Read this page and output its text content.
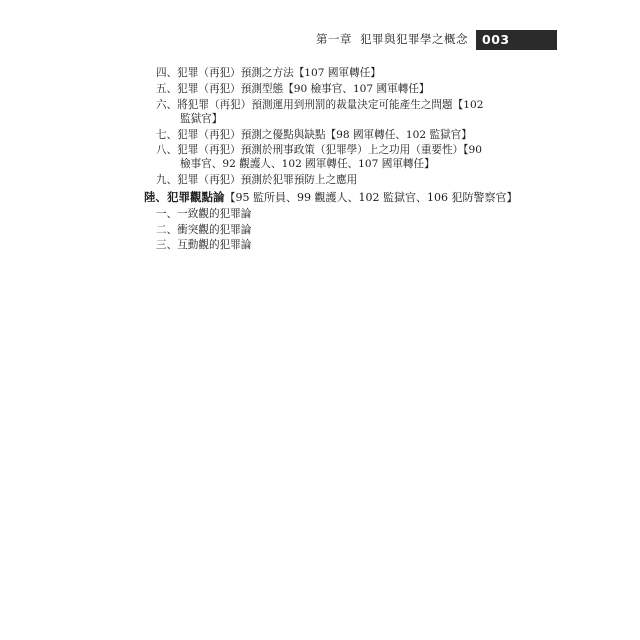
第一章 犯罪與犯罪學之概念	003
四、犯罪（再犯）預測之方法【107 國軍轉任】
五、犯罪（再犯）預測型態【90 檢事官、107 國軍轉任】
六、將犯罪（再犯）預測運用到刑罰的裁量決定可能產生之問題【102
監獄官】
七、犯罪（再犯）預測之優點與缺點【98 國軍轉任、102 監獄官】
八、犯罪（再犯）預測於刑事政策（犯罪學）上之功用（重要性）【90
檢事官、92 觀護人、102 國軍轉任、107 國軍轉任】
九、犯罪（再犯）預測於犯罪預防上之應用
陸、犯罪觀點論【95 監所員、99 觀護人、102 監獄官、106 犯防警察官】
一、一致觀的犯罪論
二、衝突觀的犯罪論
三、互動觀的犯罪論
